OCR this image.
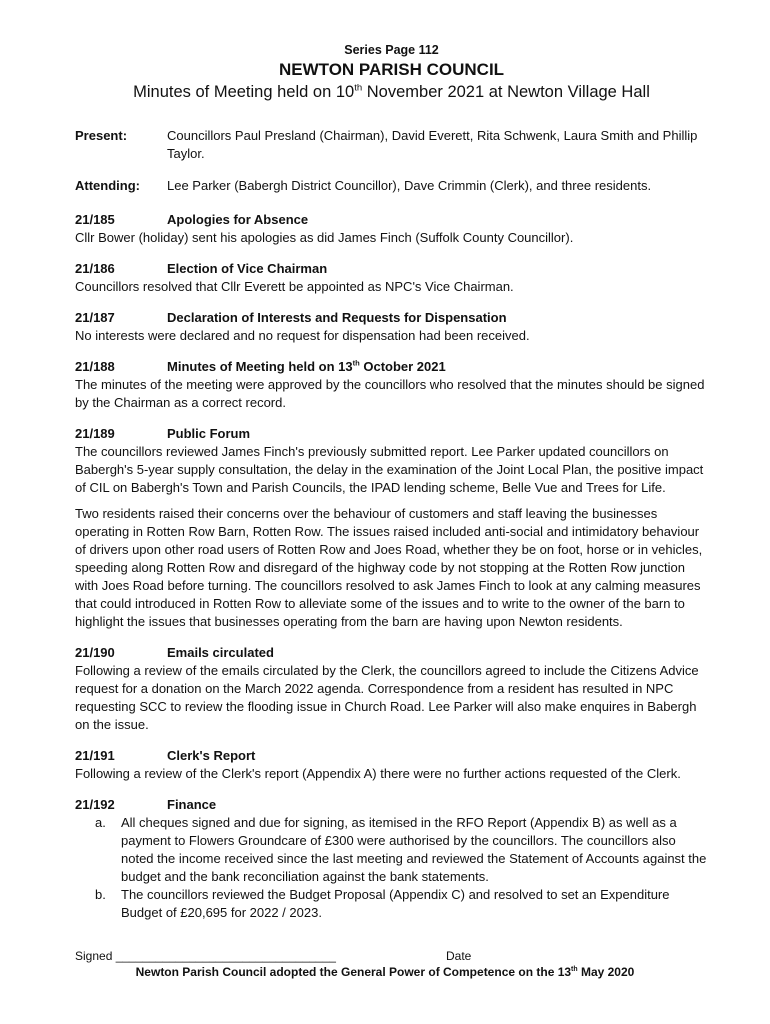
Series Page 112
NEWTON PARISH COUNCIL
Minutes of Meeting held on 10th November 2021 at Newton Village Hall
Present:	Councillors Paul Presland (Chairman), David Everett, Rita Schwenk, Laura Smith and Phillip Taylor.
Attending:	Lee Parker (Babergh District Councillor), Dave Crimmin (Clerk), and three residents.
21/185	Apologies for Absence

Cllr Bower (holiday) sent his apologies as did James Finch (Suffolk County Councillor).

21/186	Election of Vice Chairman

Councillors resolved that Cllr Everett be appointed as NPC's Vice Chairman.

21/187	Declaration of Interests and Requests for Dispensation

No interests were declared and no request for dispensation had been received.

21/188	Minutes of Meeting held on 13th October 2021

The minutes of the meeting were approved by the councillors who resolved that the minutes should be signed by the Chairman as a correct record.

21/189	Public Forum

The councillors reviewed James Finch's previously submitted report. Lee Parker updated councillors on Babergh's 5-year supply consultation, the delay in the examination of the Joint Local Plan, the positive impact of CIL on Babergh's Town and Parish Councils, the IPAD lending scheme, Belle Vue and Trees for Life.

Two residents raised their concerns over the behaviour of customers and staff leaving the businesses operating in Rotten Row Barn, Rotten Row. The issues raised included anti-social and intimidatory behaviour of drivers upon other road users of Rotten Row and Joes Road, whether they be on foot, horse or in vehicles, speeding along Rotten Row and disregard of the highway code by not stopping at the Rotten Row junction with Joes Road before turning. The councillors resolved to ask James Finch to look at any calming measures that could introduced in Rotten Row to alleviate some of the issues and to write to the owner of the barn to highlight the issues that businesses operating from the barn are having upon Newton residents.

21/190	Emails circulated

Following a review of the emails circulated by the Clerk, the councillors agreed to include the Citizens Advice request for a donation on the March 2022 agenda. Correspondence from a resident has resulted in NPC requesting SCC to review the flooding issue in Church Road. Lee Parker will also make enquires in Babergh on the issue.

21/191	Clerk's Report

Following a review of the Clerk's report (Appendix A) there were no further actions requested of the Clerk.

21/192	Finance
a. All cheques signed and due for signing, as itemised in the RFO Report (Appendix B) as well as a payment to Flowers Groundcare of £300 were authorised by the councillors. The councillors also noted the income received since the last meeting and reviewed the Statement of Accounts against the budget and the bank reconciliation against the bank statements.
b. The councillors reviewed the Budget Proposal (Appendix C) and resolved to set an Expenditure Budget of £20,695 for 2022 / 2023.
Signed _________________________________	Date
Newton Parish Council adopted the General Power of Competence on the 13th May 2020
